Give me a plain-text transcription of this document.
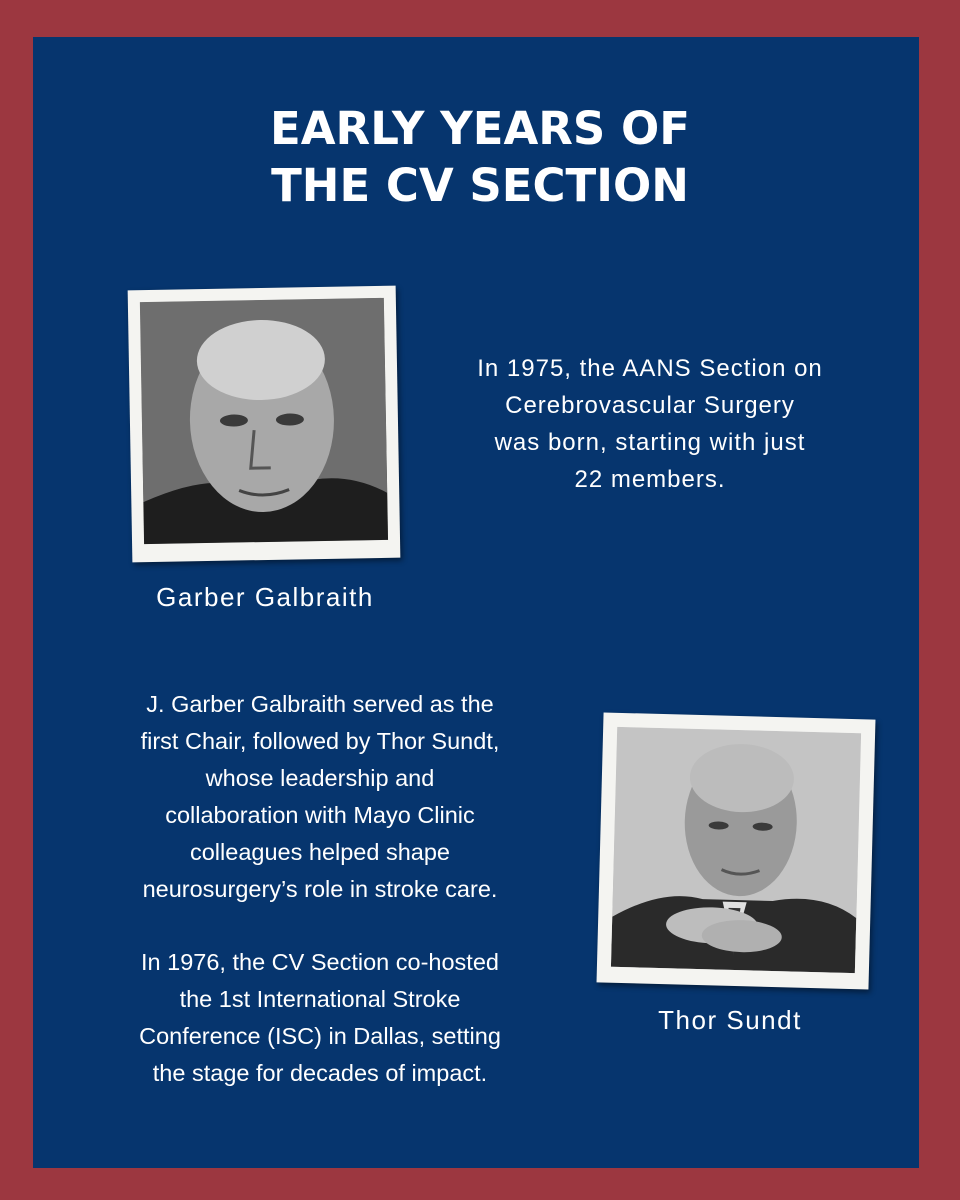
EARLY YEARS OF
THE CV SECTION
Garber Galbraith
In 1975, the AANS Section on
Cerebrovascular Surgery
was born, starting with just
22 members.
J. Garber Galbraith served as the
first Chair, followed by Thor Sundt,
whose leadership and
collaboration with Mayo Clinic
colleagues helped shape
neurosurgery’s role in stroke care.
In 1976, the CV Section co-hosted
the 1st International Stroke
Conference (ISC) in Dallas, setting
the stage for decades of impact.
Thor Sundt
